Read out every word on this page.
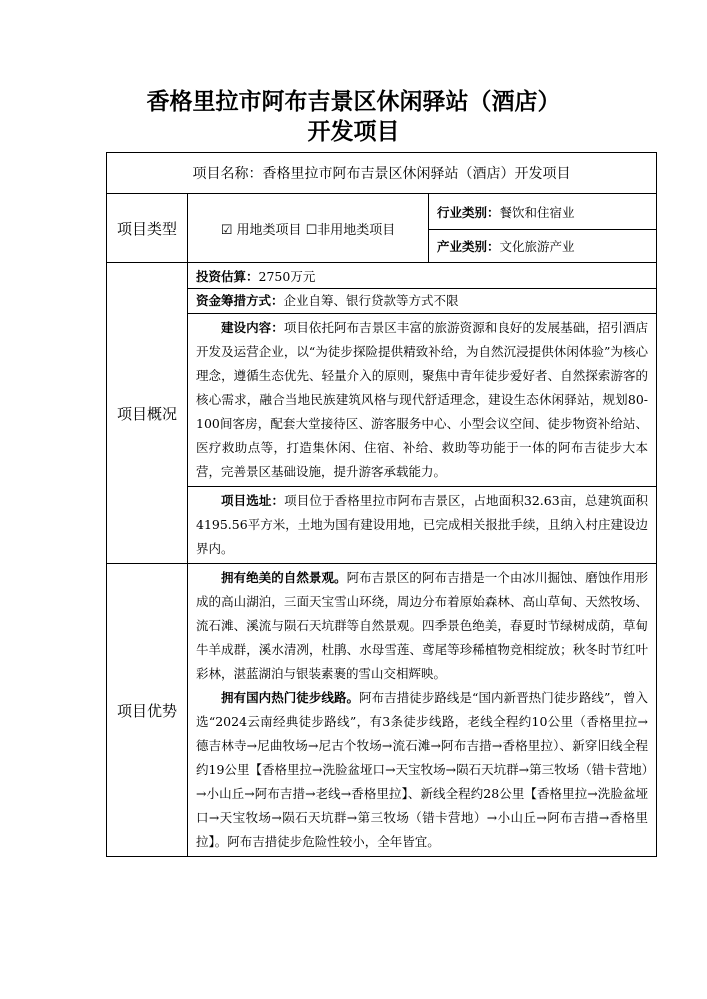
香格里拉市阿布吉景区休闲驿站（酒店）
开发项目
项目名称：香格里拉市阿布吉景区休闲驿站（酒店）开发项目		
项目类型	☑ 用地类项目 ☐非用地类项目	行业类别：餐饮和住宿业
		产业类别：文化旅游产业
项目概况	投资估算：2750万元	
	资金筹措方式：企业自筹、银行贷款等方式不限	
	建设内容：项目依托阿布吉景区丰富的旅游资源和良好的发展基础，招引酒店开发及运营企业，以“为徒步探险提供精致补给，为自然沉浸提供休闲体验”为核心理念，遵循生态优先、轻量介入的原则，聚焦中青年徒步爱好者、自然探索游客的核心需求，融合当地民族建筑风格与现代舒适理念，建设生态休闲驿站，规划80-100间客房，配套大堂接待区、游客服务中心、小型会议空间、徒步物资补给站、医疗救助点等，打造集休闲、住宿、补给、救助等功能于一体的阿布吉徒步大本营，完善景区基础设施，提升游客承载能力。	
	项目选址：项目位于香格里拉市阿布吉景区，占地面积32.63亩，总建筑面积4195.56平方米，土地为国有建设用地，已完成相关报批手续，且纳入村庄建设边界内。	
项目优势	拥有绝美的自然景观。阿布吉景区的阿布吉措是一个由冰川掘蚀、磨蚀作用形成的高山湖泊，三面天宝雪山环绕，周边分布着原始森林、高山草甸、天然牧场、流石滩、溪流与陨石天坑群等自然景观。四季景色绝美，春夏时节绿树成荫，草甸牛羊成群，溪水清冽，杜鹃、水母雪莲、鸢尾等珍稀植物竞相绽放；秋冬时节红叶彩林，湛蓝湖泊与银装素裹的雪山交相辉映。
拥有国内热门徒步线路。阿布吉措徒步路线是“国内新晋热门徒步路线”，曾入选“2024云南经典徒步路线”，有3条徒步线路，老线全程约10公里（香格里拉→德吉林寺→尼曲牧场→尼古个牧场→流石滩→阿布吉措→香格里拉）、新穿旧线全程约19公里【香格里拉→洗脸盆垭口→天宝牧场→陨石天坑群→第三牧场（错卡营地）→小山丘→阿布吉措→老线→香格里拉】、新线全程约28公里【香格里拉→洗脸盆垭口→天宝牧场→陨石天坑群→第三牧场（错卡营地）→小山丘→阿布吉措→香格里拉】。阿布吉措徒步危险性较小，全年皆宜。	
